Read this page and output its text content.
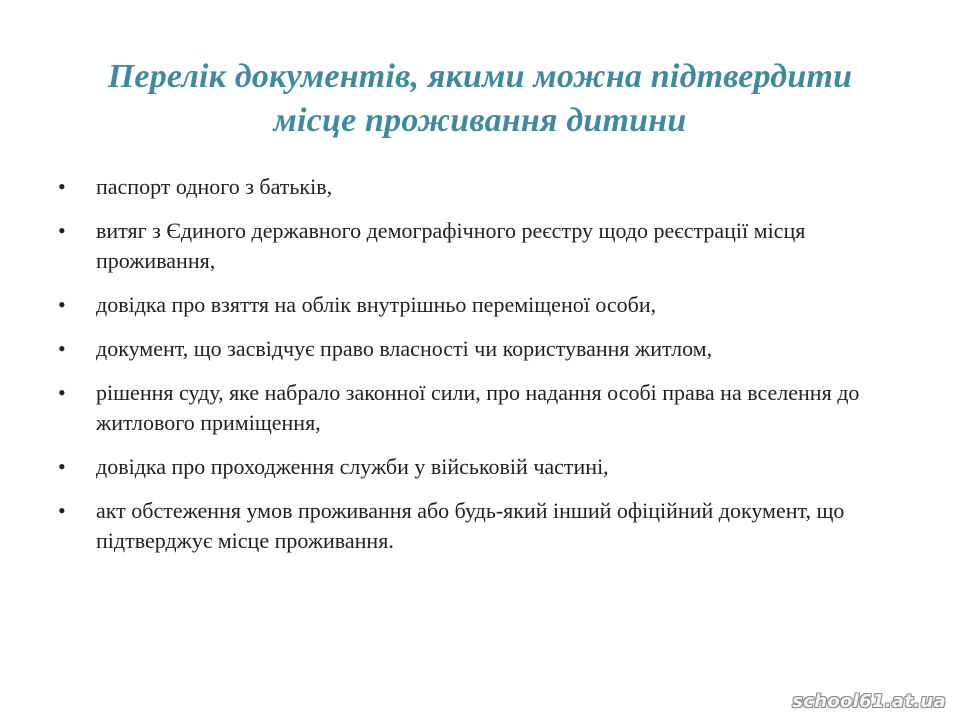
Перелік документів, якими можна підтвердити
місце проживання дитини
•	паспорт одного з батьків,
•	витяг з Єдиного державного демографічного реєстру щодо реєстрації місця проживання,
•	довідка про взяття на облік внутрішньо переміщеної особи,
•	документ, що засвідчує право власності чи користування житлом,
•	рішення суду, яке набрало законної сили, про надання особі права на вселення до житлового приміщення,
•	довідка про проходження служби у військовій частині,
•	акт обстеження умов проживання або будь-який інший офіційний документ, що підтверджує місце проживання.
school61.at.ua
